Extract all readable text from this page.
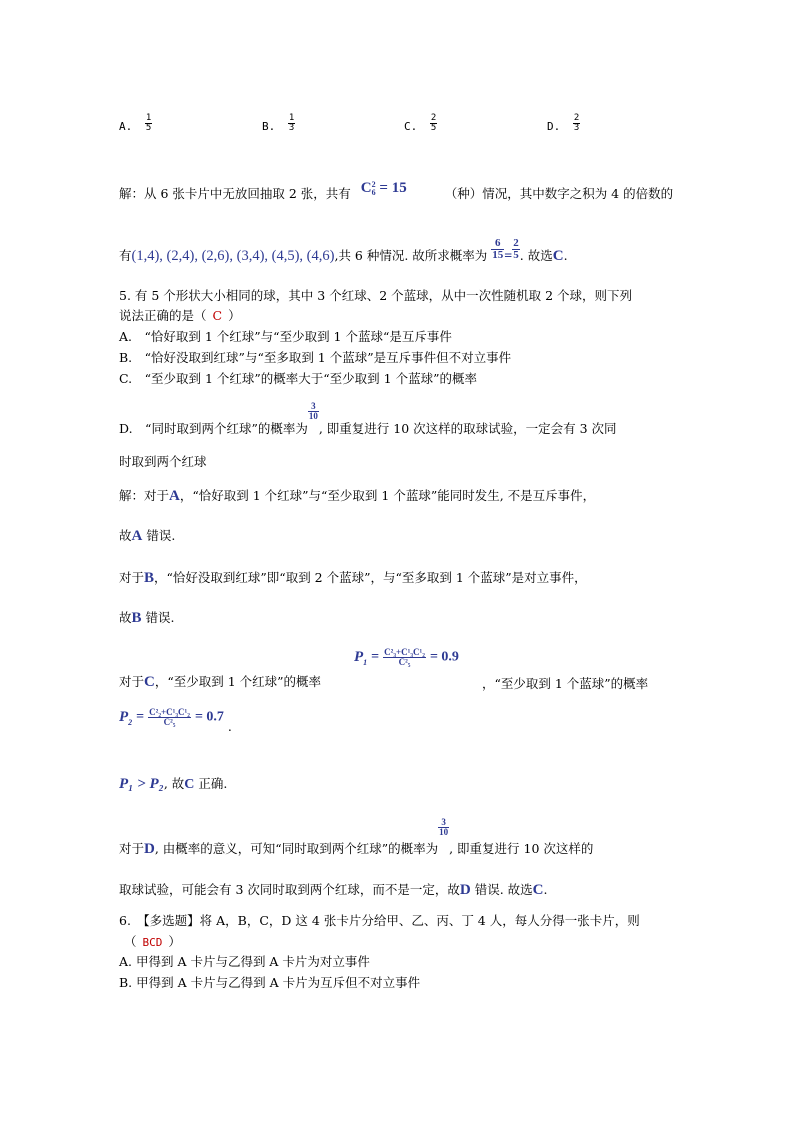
A. $\frac{1}{5}$	B. $\frac{1}{3}$	C. $\frac{2}{5}$	D. $\frac{2}{3}$
解：从 6 张卡片中无放回抽取 2 张，共有 C 2
6 = 15	（种）情况，其中数字之积为 4 的倍数的
有(1,4), (2,4), (2,6), (3,4), (4,5), (4,6),共 6 种情况. 故所求概率为 $\frac{6}{15} = \frac{2}{5}$ . 故选C.
5. 有 5 个形状大小相同的球，其中 3 个红球、2 个蓝球，从中一次性随机取 2 个球，则下列
说法正确的是（ C ）
A.　“恰好取到 1 个红球”与“至少取到 1 个蓝球“是互斥事件
B.　“恰好没取到红球”与“至多取到 1 个蓝球”是互斥事件但不对立事件
C.　“至少取到 1 个红球”的概率大于“至少取到 1 个蓝球”的概率
D.　“同时取到两个红球”的概率为
$\frac{3}{10}$
, 即重复进行 10 次这样的取球试验，一定会有 3 次同
时取到两个红球
解：对于A，“恰好取到 1 个红球”与“至少取到 1 个蓝球”能同时发生, 不是互斥事件，
故A 错误.
对于B，“恰好没取到红球”即“取到 2 个蓝球”，与“至多取到 1 个蓝球”是对立事件，
故B 错误.
对于C，“至少取到 1 个红球”的概率
$P_1 = \frac{\text{C²₃+C¹₃C¹₂}}{\text{C²₅}} = 0.9$
，“至少取到 1 个蓝球”的概率
$P_2 = \frac{\text{C²₂+C¹₃C¹₂}}{\text{C²₅}} = 0.7$.
P₁ > P₂, 故C 正确.
对于D, 由概率的意义，可知“同时取到两个红球”的概率为
$\frac{3}{10}$
, 即重复进行 10 次这样的
取球试验，可能会有 3 次同时取到两个红球，而不是一定，故D 错误. 故选C.
6.　【多选题】将 A，B，C，D 这 4 张卡片分给甲、乙、丙、丁 4 人，每人分得一张卡片，则
（ BCD ）
A. 甲得到 A 卡片与乙得到 A 卡片为对立事件
B. 甲得到 A 卡片与乙得到 A 卡片为互斥但不对立事件
